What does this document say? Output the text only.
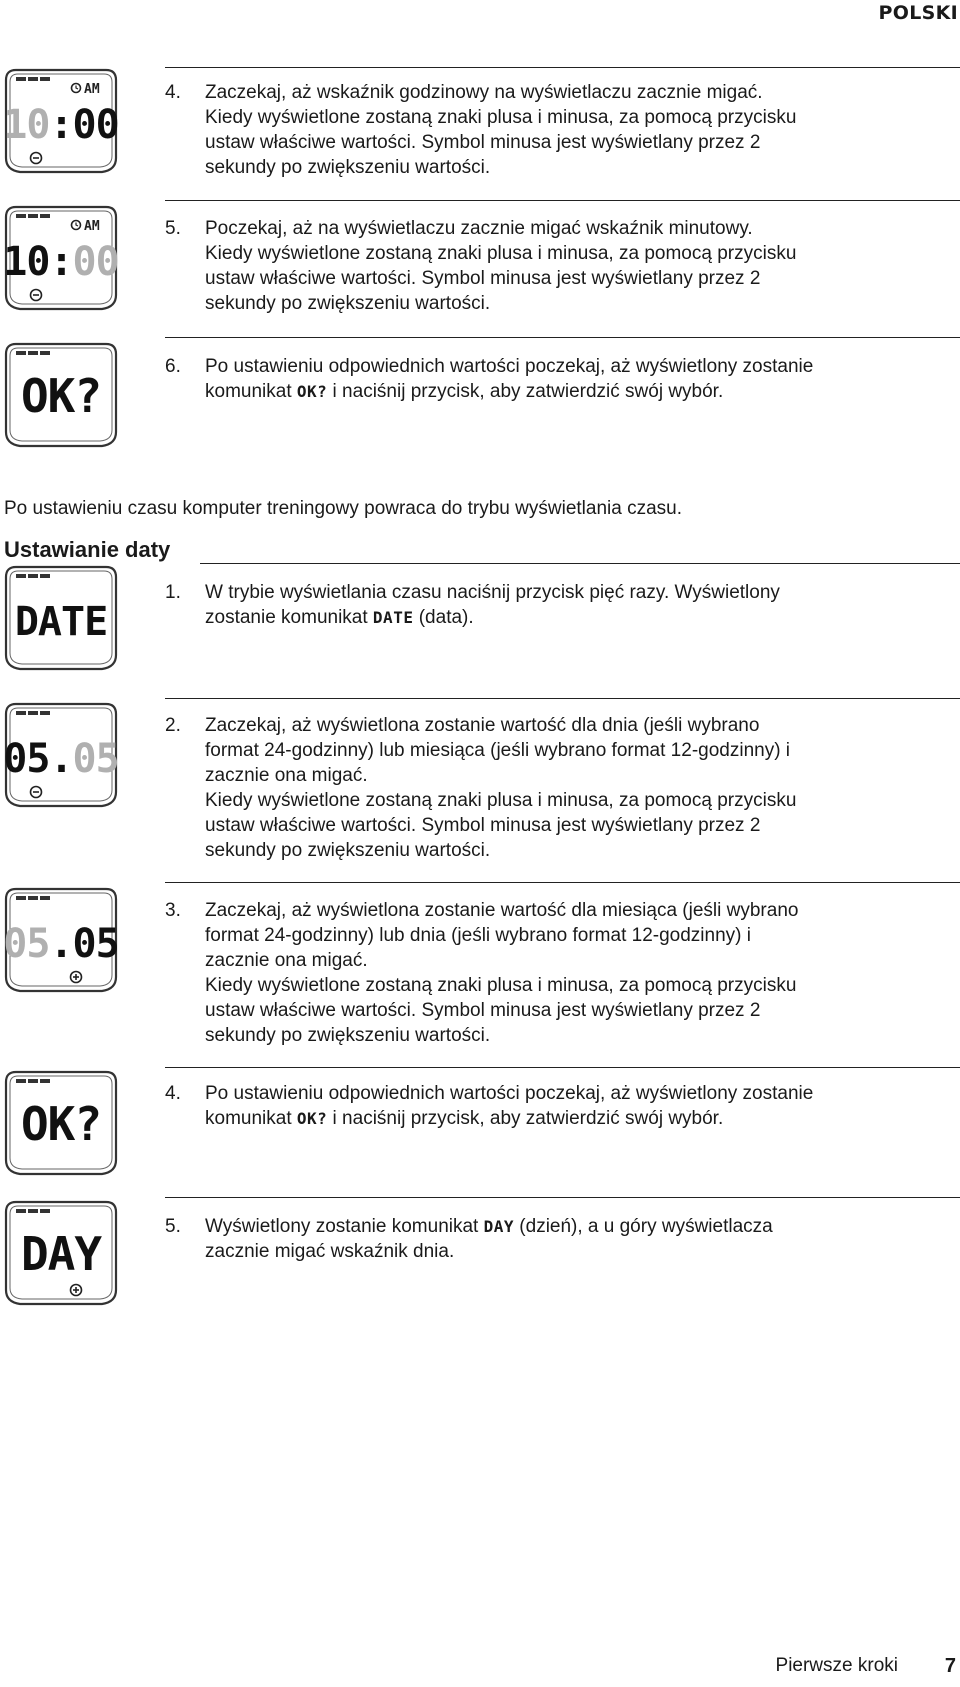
POLSKI
4. Zaczekaj, aż wskaźnik godzinowy na wyświetlaczu zacznie migać. Kiedy wyświetlone zostaną znaki plusa i minusa, za pomocą przycisku ustaw właściwe wartości. Symbol minusa jest wyświetlany przez 2 sekundy po zwiększeniu wartości.
5. Poczekaj, aż na wyświetlaczu zacznie migać wskaźnik minutowy.
Kiedy wyświetlone zostaną znaki plusa i minusa, za pomocą przycisku ustaw właściwe wartości. Symbol minusa jest wyświetlany przez 2 sekundy po zwiększeniu wartości.
6. Po ustawieniu odpowiednich wartości poczekaj, aż wyświetlony zostanie komunikat OK? i naciśnij przycisk, aby zatwierdzić swój wybór.
Po ustawieniu czasu komputer treningowy powraca do trybu wyświetlania czasu.
Ustawianie daty
1. W trybie wyświetlania czasu naciśnij przycisk pięć razy. Wyświetlony zostanie komunikat DATE (data).
2. Zaczekaj, aż wyświetlona zostanie wartość dla dnia (jeśli wybrano format 24-godzinny) lub miesiąca (jeśli wybrano format 12-godzinny) i zacznie ona migać.
Kiedy wyświetlone zostaną znaki plusa i minusa, za pomocą przycisku ustaw właściwe wartości. Symbol minusa jest wyświetlany przez 2 sekundy po zwiększeniu wartości.
3. Zaczekaj, aż wyświetlona zostanie wartość dla miesiąca (jeśli wybrano format 24-godzinny) lub dnia (jeśli wybrano format 12-godzinny) i zacznie ona migać.
Kiedy wyświetlone zostaną znaki plusa i minusa, za pomocą przycisku ustaw właściwe wartości. Symbol minusa jest wyświetlany przez 2 sekundy po zwiększeniu wartości.
4. Po ustawieniu odpowiednich wartości poczekaj, aż wyświetlony zostanie komunikat OK? i naciśnij przycisk, aby zatwierdzić swój wybór.
5. Wyświetlony zostanie komunikat DAY (dzień), a u góry wyświetlacza zacznie migać wskaźnik dnia.
AM
10:00
AM
10:00
OK?
DATE
05.05
05.05
OK?
DAY
Pierwsze kroki 7
